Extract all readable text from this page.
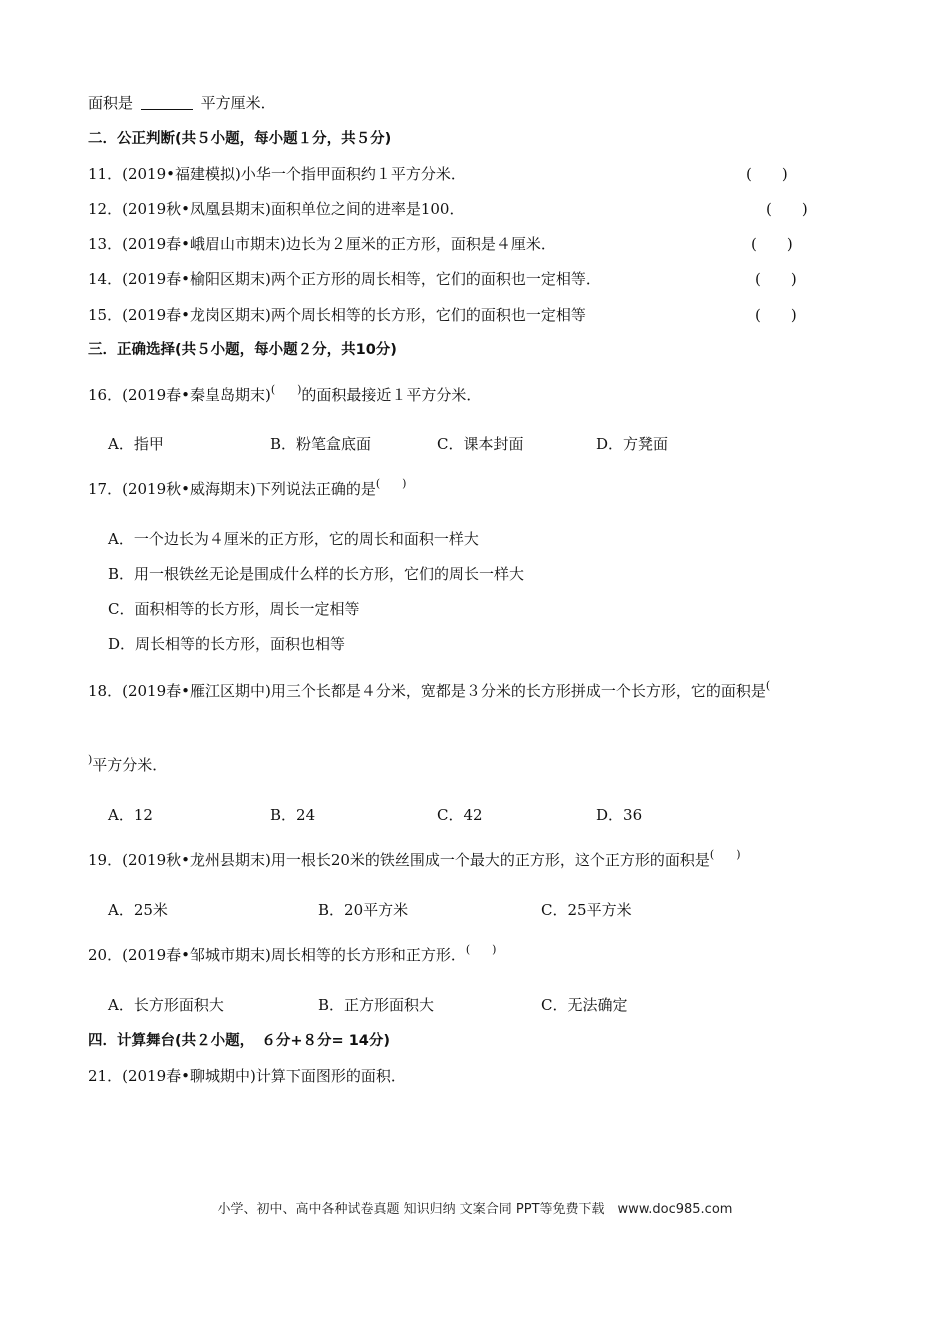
面积是	平方厘米．
二．公正判断(共５小题，每小题１分，共５分)
11．(2019•福建模拟)小华一个指甲面积约１平方分米．	(　　)
12．(2019秋•凤凰县期末)面积单位之间的进率是100．	(　　)
13．(2019春•峨眉山市期末)边长为２厘米的正方形，面积是４厘米．	(　　)
14．(2019春•榆阳区期末)两个正方形的周长相等，它们的面积也一定相等．	(　　)
15．(2019春•龙岗区期末)两个周长相等的长方形，它们的面积也一定相等	(　　)
三．正确选择(共５小题，每小题２分，共10分)
16．(2019春•秦皇岛期末)(　　)的面积最接近１平方分米．
A．指甲	B．粉笔盒底面	C．课本封面	D．方凳面
17．(2019秋•威海期末)下列说法正确的是(　　)
A．一个边长为４厘米的正方形，它的周长和面积一样大
B．用一根铁丝无论是围成什么样的长方形，它们的周长一样大
C．面积相等的长方形，周长一定相等
D．周长相等的长方形，面积也相等
18．(2019春•雁江区期中)用三个长都是４分米，宽都是３分米的长方形拼成一个长方形，它的面积是(
)平方分米．
A．12	B．24	C．42	D．36
19．(2019秋•龙州县期末)用一根长20米的铁丝围成一个最大的正方形，这个正方形的面积是(　　)
A．25米	B．20平方米	C．25平方米
20．(2019春•邹城市期末)周长相等的长方形和正方形．(　　)
A．长方形面积大	B．正方形面积大	C．无法确定
四．计算舞台(共２小题，　６分+８分= 14分)
21．(2019春•聊城期中)计算下面图形的面积．
小学、初中、高中各种试卷真题 知识归纳 文案合同 PPT等免费下载　www.doc985.com
